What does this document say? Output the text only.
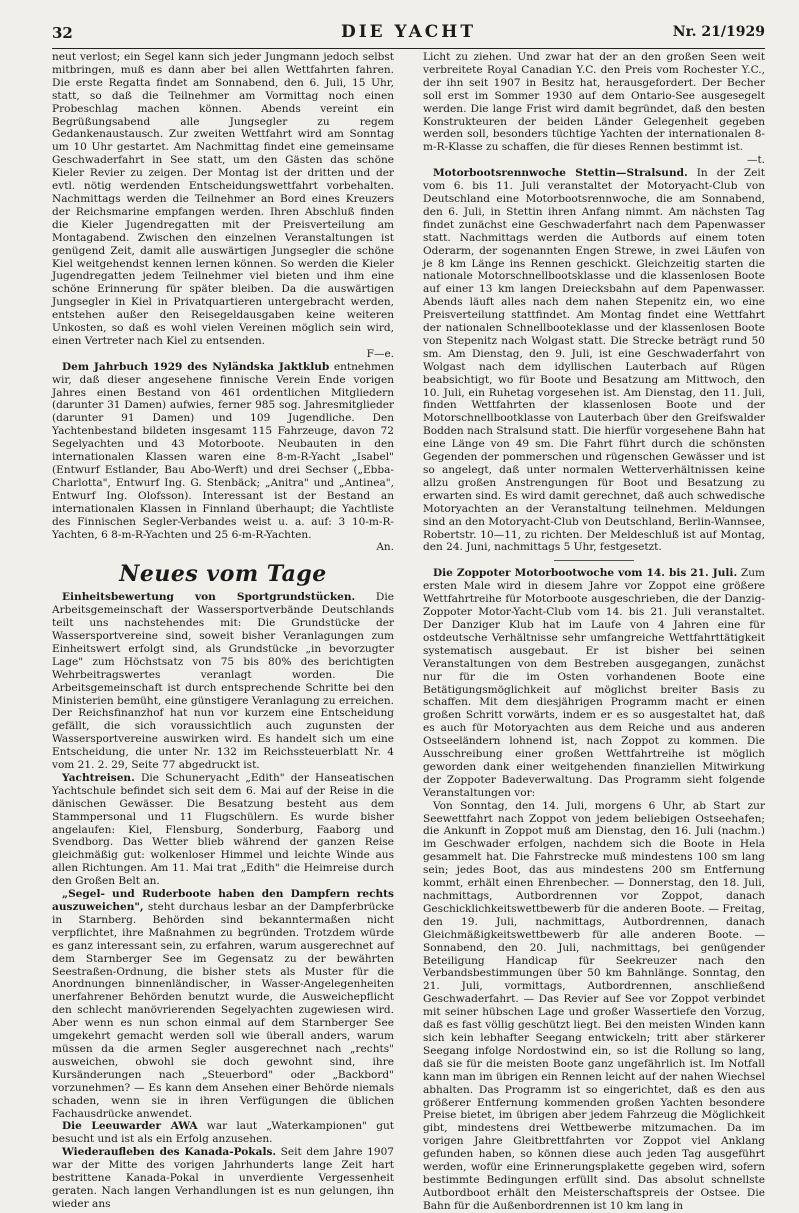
32	DIE YACHT	Nr. 21/1929

neut verlost; ein Segel kann sich jeder Jungmann jedoch selbst mitbringen, muß es dann aber bei allen Wettfahrten fahren. Die erste Regatta findet am Sonnabend, den 6. Juli, 15 Uhr, statt, so daß die Teilnehmer am Vormittag noch einen Probeschlag machen können. Abends vereint ein Begrüßungsabend alle Jungsegler zu regem Gedankenaustausch. Zur zweiten Wettfahrt wird am Sonntag um 10 Uhr gestartet. Am Nachmittag findet eine gemeinsame Geschwaderfahrt in See statt, um den Gästen das schöne Kieler Revier zu zeigen. Der Montag ist der dritten und der evtl. nötig werdenden Entscheidungswettfahrt vorbehalten. Nachmittags werden die Teilnehmer an Bord eines Kreuzers der Reichsmarine empfangen werden. Ihren Abschluß finden die Kieler Jugendregatten mit der Preisverteilung am Montagabend. Zwischen den einzelnen Veranstaltungen ist genügend Zeit, damit alle auswärtigen Jungsegler die schöne Kiel weitgehendst kennen lernen können. So werden die Kieler Jugendregatten jedem Teilnehmer viel bieten und ihm eine schöne Erinnerung für später bleiben. Da die auswärtigen Jungsegler in Kiel in Privatquartieren untergebracht werden, entstehen außer den Reisegeldausgaben keine weiteren Unkosten, so daß es wohl vielen Vereinen möglich sein wird, einen Vertreter nach Kiel zu entsenden.

F—e.

Dem Jahrbuch 1929 des Nyländska Jaktklub entnehmen wir, daß dieser angesehene finnische Verein Ende vorigen Jahres einen Bestand von 461 ordentlichen Mitgliedern (darunter 31 Damen) aufwies, ferner 985 sog. Jahresmitglieder (darunter 91 Damen) und 109 Jugendliche. Den Yachtenbestand bildeten insgesamt 115 Fahrzeuge, davon 72 Segelyachten und 43 Motorboote. Neubauten in den internationalen Klassen waren eine 8-m-R-Yacht „Isabel" (Entwurf Estlander, Bau Abo-Werft) und drei Sechser („Ebba-Charlotta", Entwurf Ing. G. Stenbäck; „Anitra" und „Antinea", Entwurf Ing. Olofsson). Interessant ist der Bestand an internationalen Klassen in Finnland überhaupt; die Yachtliste des Finnischen Segler-Verbandes weist u. a. auf: 3 10-m-R-Yachten, 6 8-m-R-Yachten und 25 6-m-R-Yachten.

An.

Neues vom Tage

Einheitsbewertung von Sportgrundstücken. Die Arbeitsgemeinschaft der Wassersportverbände Deutschlands teilt uns nachstehendes mit: Die Grundstücke der Wassersportvereine sind, soweit bisher Veranlagungen zum Einheitswert erfolgt sind, als Grundstücke „in bevorzugter Lage" zum Höchstsatz von 75 bis 80% des berichtigten Wehrbeitragswertes veranlagt worden. Die Arbeitsgemeinschaft ist durch entsprechende Schritte bei den Ministerien bemüht, eine günstigere Veranlagung zu erreichen. Der Reichsfinanzhof hat nun vor kurzem eine Entscheidung gefällt, die sich voraussichtlich auch zugunsten der Wassersportvereine auswirken wird. Es handelt sich um eine Entscheidung, die unter Nr. 132 im Reichssteuerblatt Nr. 4 vom 21. 2. 29, Seite 77 abgedruckt ist.

Yachtreisen. Die Schuneryacht „Edith" der Hanseatischen Yachtschule befindet sich seit dem 6. Mai auf der Reise in die dänischen Gewässer. Die Besatzung besteht aus dem Stammpersonal und 11 Flugschülern. Es wurde bisher angelaufen: Kiel, Flensburg, Sonderburg, Faaborg und Svendborg. Das Wetter blieb während der ganzen Reise gleichmäßig gut: wolkenloser Himmel und leichte Winde aus allen Richtungen. Am 11. Mai trat „Edith" die Heimreise durch den Großen Belt an.

„Segel- und Ruderboote haben den Dampfern rechts auszuweichen", steht durchaus lesbar an der Dampferbrücke in Starnberg. Behörden sind bekanntermaßen nicht verpflichtet, ihre Maßnahmen zu begründen. Trotzdem würde es ganz interessant sein, zu erfahren, warum ausgerechnet auf dem Starnberger See im Gegensatz zu der bewährten Seestraßen-Ordnung, die bisher stets als Muster für die Anordnungen binnenländischer, in Wasser-Angelegenheiten unerfahrener Behörden benutzt wurde, die Ausweichepflicht den schlecht manövrierenden Segelyachten zugewiesen wird. Aber wenn es nun schon einmal auf dem Starnberger See umgekehrt gemacht werden soll wie überall anders, warum müssen da die armen Segler ausgerechnet nach „rechts" ausweichen, obwohl sie doch gewohnt sind, ihre Kursänderungen nach „Steuerbord" oder „Backbord" vorzunehmen? — Es kann dem Ansehen einer Behörde niemals schaden, wenn sie in ihren Verfügungen die üblichen Fachausdrücke anwendet.

Die Leeuwarder AWA war laut „Waterkampionen" gut besucht und ist als ein Erfolg anzusehen.

Wiederaufleben des Kanada-Pokals. Seit dem Jahre 1907 war der Mitte des vorigen Jahrhunderts lange Zeit hart bestrittene Kanada-Pokal in unverdiente Vergessenheit geraten. Nach langen Verhandlungen ist es nun gelungen, ihn wieder ans

Licht zu ziehen. Und zwar hat der an den großen Seen weit verbreitete Royal Canadian Y.C. den Preis vom Rochester Y.C., der ihn seit 1907 in Besitz hat, herausgefordert. Der Becher soll erst im Sommer 1930 auf dem Ontario-See ausgesegelt werden. Die lange Frist wird damit begründet, daß den besten Konstrukteuren der beiden Länder Gelegenheit gegeben werden soll, besonders tüchtige Yachten der internationalen 8-m-R-Klasse zu schaffen, die für dieses Rennen bestimmt ist.

—t.

Motorbootsrennwoche Stettin—Stralsund. In der Zeit vom 6. bis 11. Juli veranstaltet der Motoryacht-Club von Deutschland eine Motorbootsrennwoche, die am Sonnabend, den 6. Juli, in Stettin ihren Anfang nimmt. Am nächsten Tag findet zunächst eine Geschwaderfahrt nach dem Papenwasser statt. Nachmittags werden die Autbords auf einem toten Oderarm, der sogenannten Engen Strewe, in zwei Läufen von je 8 km Länge ins Rennen geschickt. Gleichzeitig starten die nationale Motorschnellbootsklasse und die klassenlosen Boote auf einer 13 km langen Dreiecksbahn auf dem Papenwasser. Abends läuft alles nach dem nahen Stepenitz ein, wo eine Preisverteilung stattfindet. Am Montag findet eine Wettfahrt der nationalen Schnellbooteklasse und der klassenlosen Boote von Stepenitz nach Wolgast statt. Die Strecke beträgt rund 50 sm. Am Dienstag, den 9. Juli, ist eine Geschwaderfahrt von Wolgast nach dem idyllischen Lauterbach auf Rügen beabsichtigt, wo für Boote und Besatzung am Mittwoch, den 10. Juli, ein Ruhetag vorgesehen ist. Am Dienstag, den 11. Juli, finden Wettfahrten der klassenlosen Boote und der Motorschnellbootklasse von Lauterbach über den Greifswalder Bodden nach Stralsund statt. Die hierfür vorgesehene Bahn hat eine Länge von 49 sm. Die Fahrt führt durch die schönsten Gegenden der pommerschen und rügenschen Gewässer und ist so angelegt, daß unter normalen Wetterverhältnissen keine allzu großen Anstrengungen für Boot und Besatzung zu erwarten sind. Es wird damit gerechnet, daß auch schwedische Motoryachten an der Veranstaltung teilnehmen. Meldungen sind an den Motoryacht-Club von Deutschland, Berlin-Wannsee, Robertstr. 10—11, zu richten. Der Meldeschluß ist auf Montag, den 24. Juni, nachmittags 5 Uhr, festgesetzt.

Die Zoppoter Motorbootwoche vom 14. bis 21. Juli. Zum ersten Male wird in diesem Jahre vor Zoppot eine größere Wettfahrtreihe für Motorboote ausgeschrieben, die der Danzig-Zoppoter Motor-Yacht-Club vom 14. bis 21. Juli veranstaltet. Der Danziger Klub hat im Laufe von 4 Jahren eine für ostdeutsche Verhältnisse sehr umfangreiche Wettfahrttätigkeit systematisch ausgebaut. Er ist bisher bei seinen Veranstaltungen von dem Bestreben ausgegangen, zunächst nur für die im Osten vorhandenen Boote eine Betätigungsmöglichkeit auf möglichst breiter Basis zu schaffen. Mit dem diesjährigen Programm macht er einen großen Schritt vorwärts, indem er es so ausgestaltet hat, daß es auch für Motoryachten aus dem Reiche und aus anderen Ostseeländern lohnend ist, nach Zoppot zu kommen. Die Ausschreibung einer großen Wettfahrtreihe ist möglich geworden dank einer weitgehenden finanziellen Mitwirkung der Zoppoter Badeverwaltung. Das Programm sieht folgende Veranstaltungen vor:

Von Sonntag, den 14. Juli, morgens 6 Uhr, ab Start zur Seewettfahrt nach Zoppot von jedem beliebigen Ostseehafen; die Ankunft in Zoppot muß am Dienstag, den 16. Juli (nachm.) im Geschwader erfolgen, nachdem sich die Boote in Hela gesammelt hat. Die Fahrstrecke muß mindestens 100 sm lang sein; jedes Boot, das aus mindestens 200 sm Entfernung kommt, erhält einen Ehrenbecher. — Donnerstag, den 18. Juli, nachmittags, Autbordrennen vor Zoppot, danach Geschicklichkeitswettbewerb für die anderen Boote. — Freitag, den 19. Juli, nachmittags, Autbordrennen, danach Gleichmäßigkeitswettbewerb für alle anderen Boote. — Sonnabend, den 20. Juli, nachmittags, bei genügender Beteiligung Handicap für Seekreuzer nach den Verbandsbestimmungen über 50 km Bahnlänge. Sonntag, den 21. Juli, vormittags, Autbordrennen, anschließend Geschwaderfahrt. — Das Revier auf See vor Zoppot verbindet mit seiner hübschen Lage und großer Wassertiefe den Vorzug, daß es fast völlig geschützt liegt. Bei den meisten Winden kann sich kein lebhafter Seegang entwickeln; tritt aber stärkerer Seegang infolge Nordostwind ein, so ist die Rollung so lang, daß sie für die meisten Boote ganz ungefährlich ist. Im Notfall kann man im übrigen ein Rennen leicht auf der nahen Wiechsel abhalten. Das Programm ist so eingerichtet, daß es den aus größerer Entfernung kommenden großen Yachten besondere Preise bietet, im übrigen aber jedem Fahrzeug die Möglichkeit gibt, mindestens drei Wettbewerbe mitzumachen. Da im vorigen Jahre Gleitbrettfahrten vor Zoppot viel Anklang gefunden haben, so können diese auch jeden Tag ausgeführt werden, wofür eine Erinnerungsplakette gegeben wird, sofern bestimmte Bedingungen erfüllt sind. Das absolut schnellste Autbordboot erhält den Meisterschaftspreis der Ostsee. Die Bahn für die Außenbordrennen ist 10 km lang in
